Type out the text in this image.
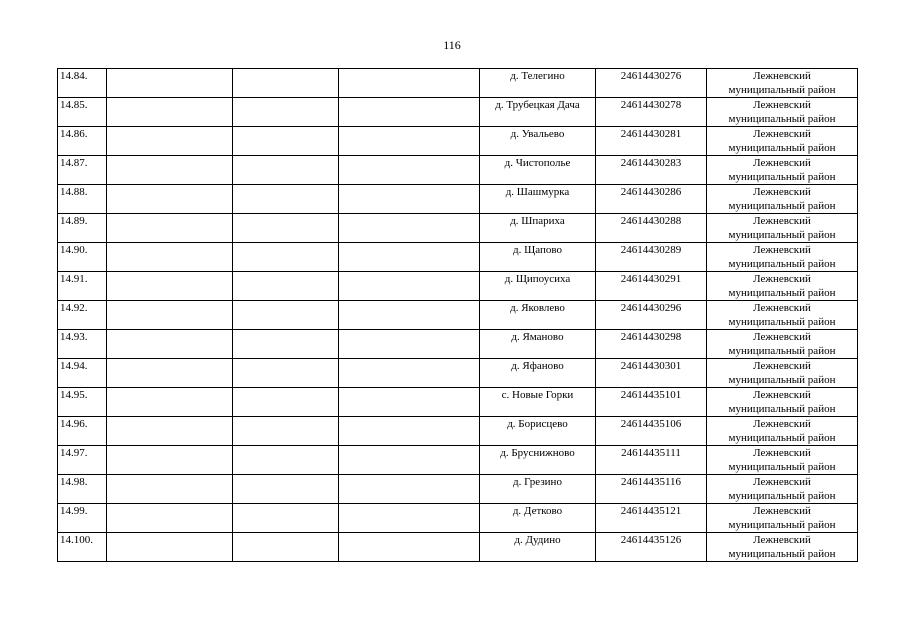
116
14.84.				д. Телегино	24614430276	Лежневский
муниципальный район

14.85.				д. Трубецкая Дача	24614430278	Лежневский
муниципальный район

14.86.				д. Увальево	24614430281	Лежневский
муниципальный район

14.87.				д. Чистополье	24614430283	Лежневский
муниципальный район

14.88.				д. Шашмурка	24614430286	Лежневский
муниципальный район

14.89.				д. Шпариха	24614430288	Лежневский
муниципальный район

14.90.				д. Щапово	24614430289	Лежневский
муниципальный район

14.91.				д. Щипоусиха	24614430291	Лежневский
муниципальный район

14.92.				д. Яковлево	24614430296	Лежневский
муниципальный район

14.93.				д. Ямановo	24614430298	Лежневский
муниципальный район

14.94.				д. Яфаново	24614430301	Лежневский
муниципальный район

14.95.				с. Новые Горки	24614435101	Лежневский
муниципальный район

14.96.				д. Борисцево	24614435106	Лежневский
муниципальный район

14.97.				д. Бруснижново	24614435111	Лежневский
муниципальный район

14.98.				д. Грезино	24614435116	Лежневский
муниципальный район

14.99.				д. Детково	24614435121	Лежневский
муниципальный район

14.100.				д. Дудино	24614435126	Лежневский
муниципальный район
